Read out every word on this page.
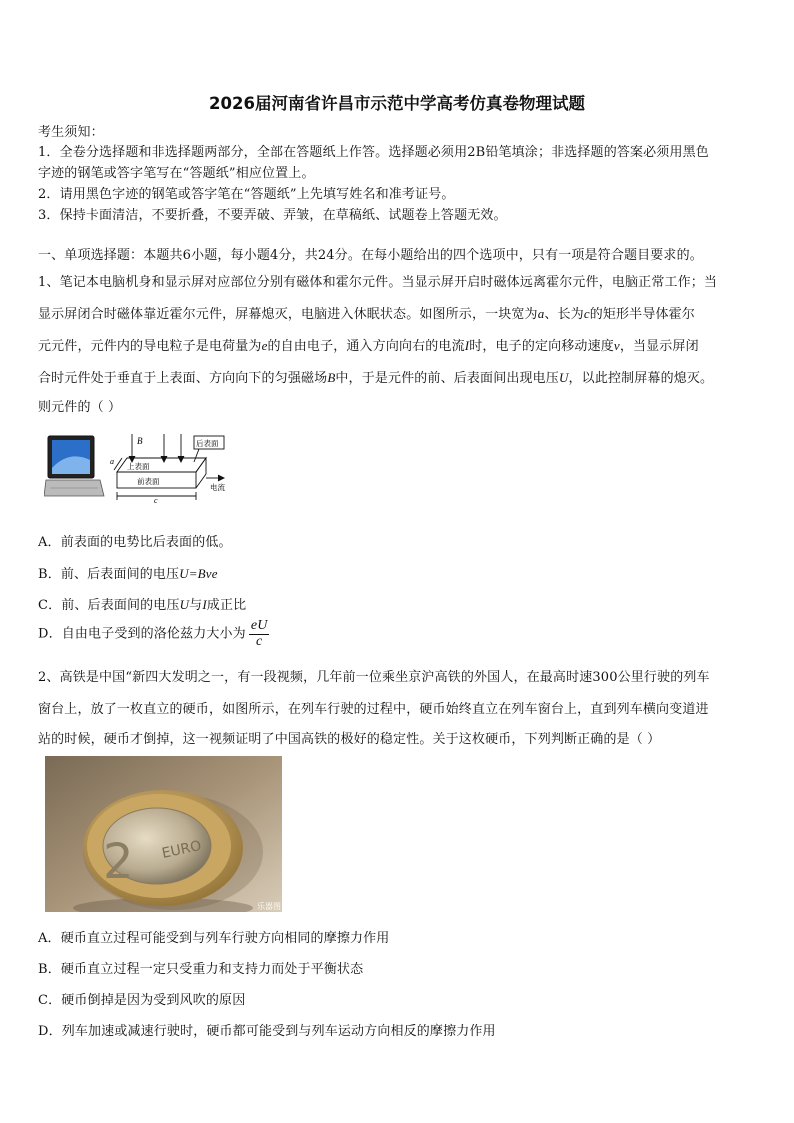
2026届河南省许昌市示范中学高考仿真卷物理试题
考生须知：
1．全卷分选择题和非选择题两部分，全部在答题纸上作答。选择题必须用2B铅笔填涂；非选择题的答案必须用黑色
字迹的钢笔或答字笔写在“答题纸”相应位置上。
2．请用黑色字迹的钢笔或答字笔在“答题纸”上先填写姓名和准考证号。
3．保持卡面清洁，不要折叠，不要弄破、弄皱，在草稿纸、试题卷上答题无效。
一、单项选择题：本题共6小题，每小题4分，共24分。在每小题给出的四个选项中，只有一项是符合题目要求的。
1、笔记本电脑机身和显示屏对应部位分别有磁体和霍尔元件。当显示屏开启时磁体远离霍尔元件，电脑正常工作；当
显示屏闭合时磁体靠近霍尔元件，屏幕熄灭，电脑进入休眠状态。如图所示，一块宽为a、长为c的矩形半导体霍尔
元元件，元件内的导电粒子是电荷量为e的自由电子，通入方向向右的电流I时，电子的定向移动速度v，当显示屏闭
合时元件处于垂直于上表面、方向向下的匀强磁场B中，于是元件的前、后表面间出现电压U，以此控制屏幕的熄灭。
则元件的（ ）
B	后表面
上表面
前表面
电流
a
c
A．前表面的电势比后表面的低。
B．前、后表面间的电压U=Bve
C．前、后表面间的电压U与I成正比
D．自由电子受到的洛伦兹力大小为 $\frac{eU}{c}$
2、高铁是中国“新四大发明之一，有一段视频，几年前一位乘坐京沪高铁的外国人，在最高时速300公里行驶的列车
窗台上，放了一枚直立的硬币，如图所示，在列车行驶的过程中，硬币始终直立在列车窗台上，直到列车横向变道进
站的时候，硬币才倒掉，这一视频证明了中国高铁的极好的稳定性。关于这枚硬币，下列判断正确的是（ ）
2 EURO
乐器图
A．硬币直立过程可能受到与列车行驶方向相同的摩擦力作用
B．硬币直立过程一定只受重力和支持力而处于平衡状态
C．硬币倒掉是因为受到风吹的原因
D．列车加速或减速行驶时，硬币都可能受到与列车运动方向相反的摩擦力作用
